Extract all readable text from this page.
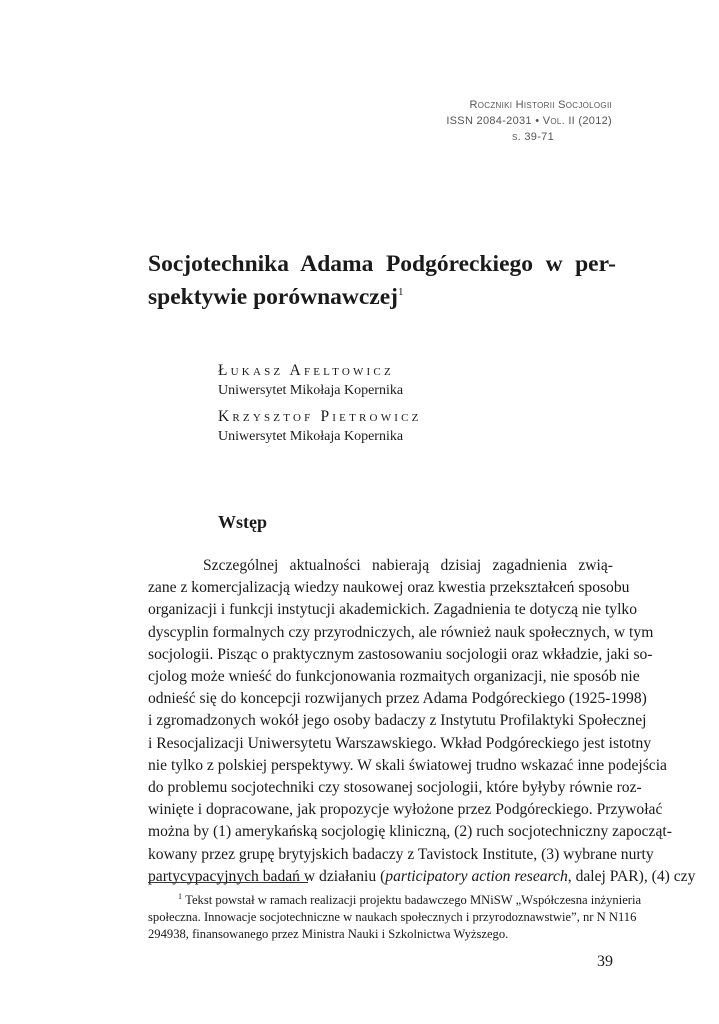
Roczniki Historii Socjologii
ISSN 2084-2031 • Vol. II (2012)
s. 39-71
Socjotechnika Adama Podgóreckiego w per- spektywie porównawczej$^1$
Łukasz Afeltowicz
Uniwersytet Mikołaja Kopernika
Krzysztof Pietrowicz
Uniwersytet Mikołaja Kopernika
Wstęp
Szczególnej aktualności nabierają dzisiaj zagadnienia zwią-
zane z komercjalizacją wiedzy naukowej oraz kwestia przekształceń sposobu
organizacji i funkcji instytucji akademickich. Zagadnienia te dotyczą nie tylko
dyscyplin formalnych czy przyrodniczych, ale również nauk społecznych, w tym
socjologii. Pisząc o praktycznym zastosowaniu socjologii oraz wkładzie, jaki so-
cjolog może wnieść do funkcjonowania rozmaitych organizacji, nie sposób nie
odnieść się do koncepcji rozwijanych przez Adama Podgóreckiego (1925-1998)
i zgromadzonych wokół jego osoby badaczy z Instytutu Profilaktyki Społecznej
i Resocjalizacji Uniwersytetu Warszawskiego. Wkład Podgóreckiego jest istotny
nie tylko z polskiej perspektywy. W skali światowej trudno wskazać inne podejścia
do problemu socjotechniki czy stosowanej socjologii, które byłyby równie roz-
winięte i dopracowane, jak propozycje wyłożone przez Podgóreckiego. Przywołać
można by (1) amerykańską socjologię kliniczną, (2) ruch socjotechniczny zapocząt-
kowany przez grupę brytyjskich badaczy z Tavistock Institute, (3) wybrane nurty
partycypacyjnych badań w działaniu (participatory action research, dalej PAR), (4) czy
$^1$ Tekst powstał w ramach realizacji projektu badawczego MNiSW „Współczesna inżynieria
społeczna. Innowacje socjotechniczne w naukach społecznych i przyrodoznawstwie”, nr N N116
294938, finansowanego przez Ministra Nauki i Szkolnictwa Wyższego.
39
